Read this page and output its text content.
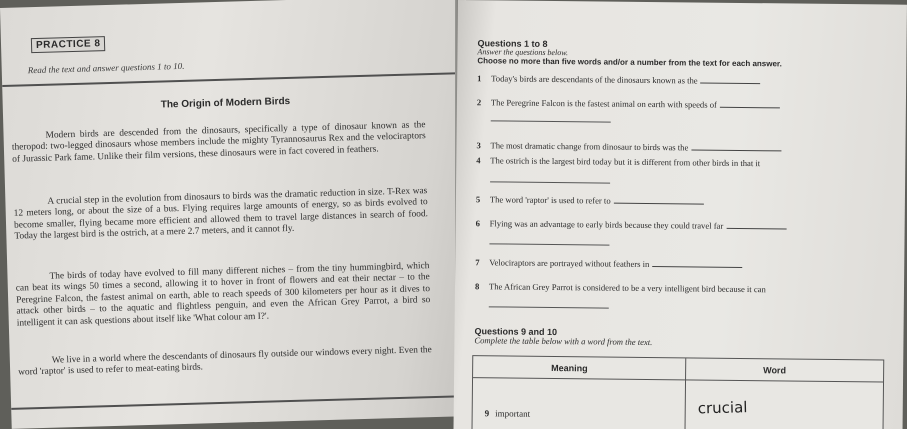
PRACTICE 8
Read the text and answer questions 1 to 10.
The Origin of Modern Birds

Modern birds are descended from the dinosaurs, specifically a type of dinosaur known as the theropod: two-legged dinosaurs whose members include the mighty Tyrannosaurus Rex and the velociraptors of Jurassic Park fame. Unlike their film versions, these dinosaurs were in fact covered in feathers.

A crucial step in the evolution from dinosaurs to birds was the dramatic reduction in size. T-Rex was 12 meters long, or about the size of a bus. Flying requires large amounts of energy, so as birds evolved to become smaller, flying became more efficient and allowed them to travel large distances in search of food. Today the largest bird is the ostrich, at a mere 2.7 meters, and it cannot fly.

The birds of today have evolved to fill many different niches – from the tiny hummingbird, which can beat its wings 50 times a second, allowing it to hover in front of flowers and eat their nectar – to the Peregrine Falcon, the fastest animal on earth, able to reach speeds of 300 kilometers per hour as it dives to attack other birds – to the aquatic and flightless penguin, and even the African Grey Parrot, a bird so intelligent it can ask questions about itself like 'What colour am I?'.

We live in a world where the descendants of dinosaurs fly outside our windows every night. Even the word 'raptor' is used to refer to meat-eating birds.

Questions 1 to 8
Answer the questions below.
Choose no more than five words and/or a number from the text for each answer.
1 Today's birds are descendants of the dinosaurs known as the
2 The Peregrine Falcon is the fastest animal on earth with speeds of
3 The most dramatic change from dinosaur to birds was the
4 The ostrich is the largest bird today but it is different from other birds in that it
5 The word 'raptor' is used to refer to
6 Flying was an advantage to early birds because they could travel far
7 Velociraptors are portrayed without feathers in
8 The African Grey Parrot is considered to be a very intelligent bird because it can
Questions 9 and 10
Complete the table below with a word from the text.
Meaning	Word
9 important	crucial
